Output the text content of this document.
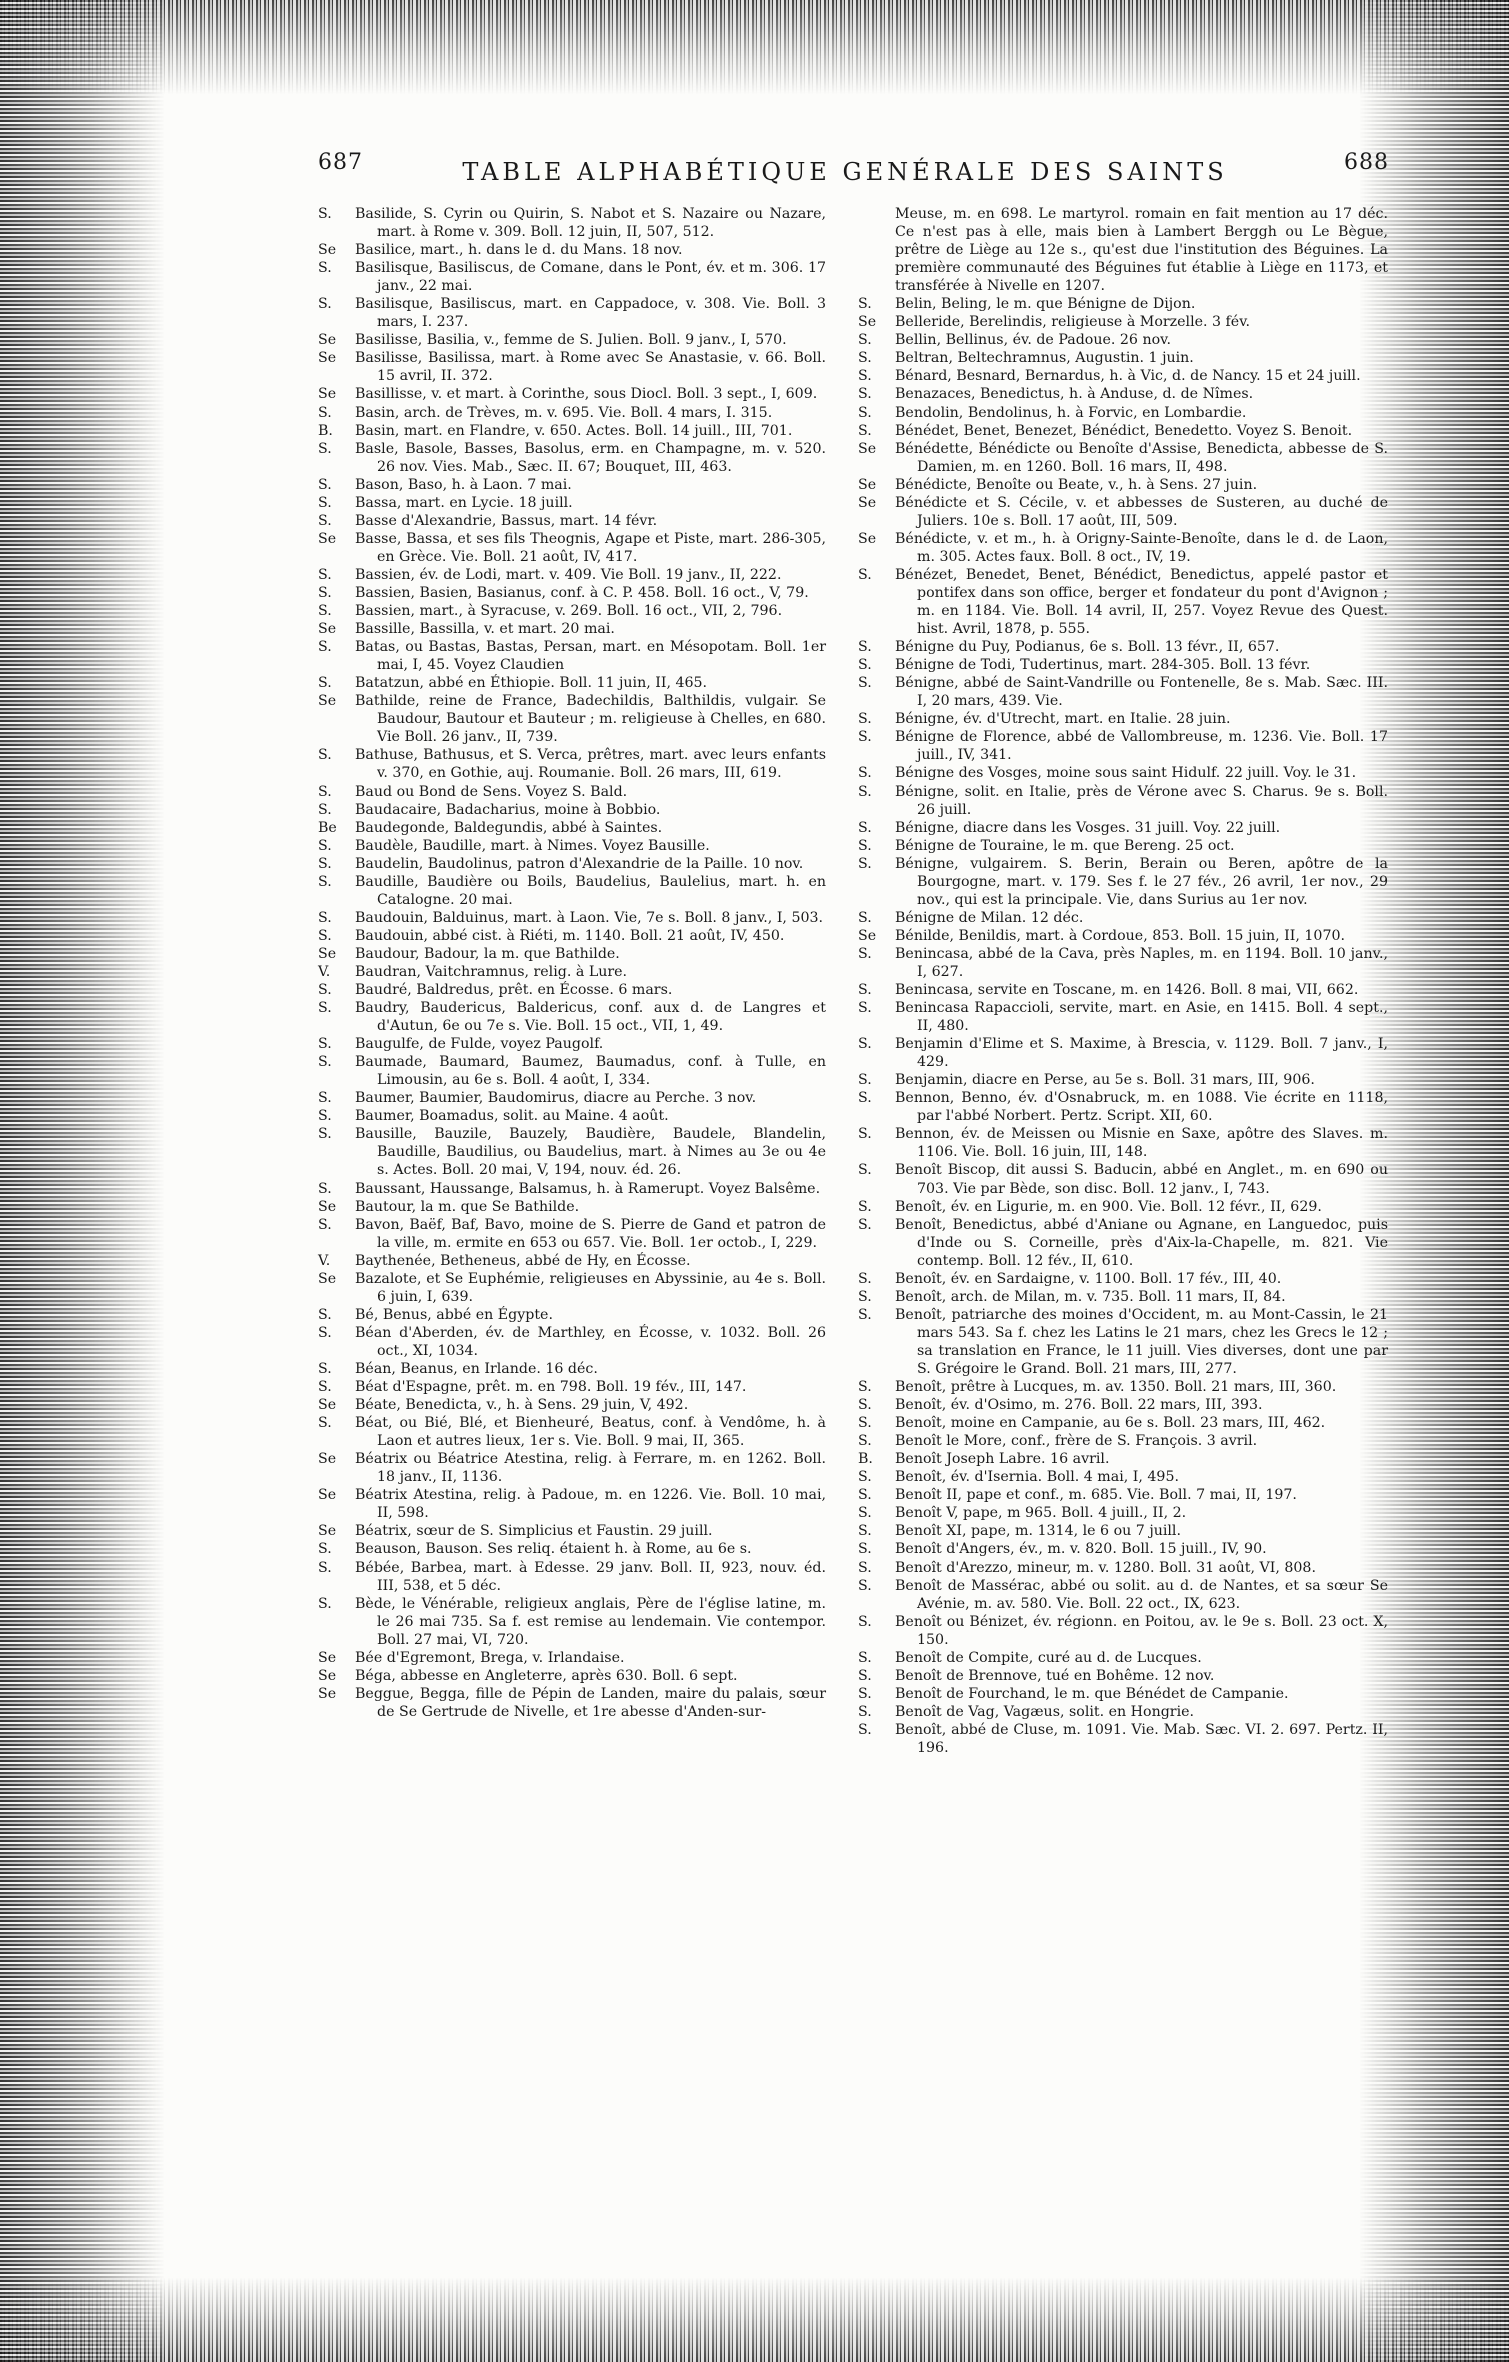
687	TABLE ALPHABÉTIQUE GENÉRALE DES SAINTS	688
S.	Basilide, S. Cyrin ou Quirin, S. Nabot et S. Nazaire ou Nazare, mart. à Rome v. 309. Boll. 12 juin, II, 507, 512.
Se	Basilice, mart., h. dans le d. du Mans. 18 nov.
S.	Basilisque, Basiliscus, de Comane, dans le Pont, év. et m. 306. 17 janv., 22 mai.
S.	Basilisque, Basiliscus, mart. en Cappadoce, v. 308. Vie. Boll. 3 mars, I. 237.
Se	Basilisse, Basilia, v., femme de S. Julien. Boll. 9 janv., I, 570.
Se	Basilisse, Basilissa, mart. à Rome avec Se Anastasie, v. 66. Boll. 15 avril, II. 372.
Se	Basillisse, v. et mart. à Corinthe, sous Diocl. Boll. 3 sept., I, 609.
S.	Basin, arch. de Trèves, m. v. 695. Vie. Boll. 4 mars, I. 315.
B.	Basin, mart. en Flandre, v. 650. Actes. Boll. 14 juill., III, 701.
S.	Basle, Basole, Basses, Basolus, erm. en Champagne, m. v. 520. 26 nov. Vies. Mab., Sæc. II. 67; Bouquet, III, 463.
S.	Bason, Baso, h. à Laon. 7 mai.
S.	Bassa, mart. en Lycie. 18 juill.
S.	Basse d'Alexandrie, Bassus, mart. 14 févr.
Se	Basse, Bassa, et ses fils Theognis, Agape et Piste, mart. 286-305, en Grèce. Vie. Boll. 21 août, IV, 417.
S.	Bassien, év. de Lodi, mart. v. 409. Vie Boll. 19 janv., II, 222.
S.	Bassien, Basien, Basianus, conf. à C. P. 458. Boll. 16 oct., V, 79.
S.	Bassien, mart., à Syracuse, v. 269. Boll. 16 oct., VII, 2, 796.
Se	Bassille, Bassilla, v. et mart. 20 mai.
S.	Batas, ou Bastas, Bastas, Persan, mart. en Mésopotam. Boll. 1er mai, I, 45. Voyez Claudien
S.	Batatzun, abbé en Éthiopie. Boll. 11 juin, II, 465.
Se	Bathilde, reine de France, Badechildis, Balthildis, vulgair. Se Baudour, Bautour et Bauteur ; m. religieuse à Chelles, en 680. Vie Boll. 26 janv., II, 739.
S.	Bathuse, Bathusus, et S. Verca, prêtres, mart. avec leurs enfants v. 370, en Gothie, auj. Roumanie. Boll. 26 mars, III, 619.
S.	Baud ou Bond de Sens. Voyez S. Bald.
S.	Baudacaire, Badacharius, moine à Bobbio.
Be	Baudegonde, Baldegundis, abbé à Saintes.
S.	Baudèle, Baudille, mart. à Nimes. Voyez Bausille.
S.	Baudelin, Baudolinus, patron d'Alexandrie de la Paille. 10 nov.
S.	Baudille, Baudière ou Boils, Baudelius, Baulelius, mart. h. en Catalogne. 20 mai.
S.	Baudouin, Balduinus, mart. à Laon. Vie, 7e s. Boll. 8 janv., I, 503.
S.	Baudouin, abbé cist. à Riéti, m. 1140. Boll. 21 août, IV, 450.
Se	Baudour, Badour, la m. que Bathilde.
V.	Baudran, Vaitchramnus, relig. à Lure.
S.	Baudré, Baldredus, prêt. en Écosse. 6 mars.
S.	Baudry, Baudericus, Baldericus, conf. aux d. de Langres et d'Autun, 6e ou 7e s. Vie. Boll. 15 oct., VII, 1, 49.
S.	Baugulfe, de Fulde, voyez Paugolf.
S.	Baumade, Baumard, Baumez, Baumadus, conf. à Tulle, en Limousin, au 6e s. Boll. 4 août, I, 334.
S.	Baumer, Baumier, Baudomirus, diacre au Perche. 3 nov.
S.	Baumer, Boamadus, solit. au Maine. 4 août.
S.	Bausille, Bauzile, Bauzely, Baudière, Baudele, Blandelin, Baudille, Baudilius, ou Baudelius, mart. à Nimes au 3e ou 4e s. Actes. Boll. 20 mai, V, 194, nouv. éd. 26.
S.	Baussant, Haussange, Balsamus, h. à Ramerupt. Voyez Balsême.
Se	Bautour, la m. que Se Bathilde.
S.	Bavon, Baëf, Baf, Bavo, moine de S. Pierre de Gand et patron de la ville, m. ermite en 653 ou 657. Vie. Boll. 1er octob., I, 229.
V.	Baythenée, Betheneus, abbé de Hy, en Écosse.
Se	Bazalote, et Se Euphémie, religieuses en Abyssinie, au 4e s. Boll. 6 juin, I, 639.
S.	Bé, Benus, abbé en Égypte.
S.	Béan d'Aberden, év. de Marthley, en Écosse, v. 1032. Boll. 26 oct., XI, 1034.
S.	Béan, Beanus, en Irlande. 16 déc.
S.	Béat d'Espagne, prêt. m. en 798. Boll. 19 fév., III, 147.
Se	Béate, Benedicta, v., h. à Sens. 29 juin, V, 492.
S.	Béat, ou Bié, Blé, et Bienheuré, Beatus, conf. à Vendôme, h. à Laon et autres lieux, 1er s. Vie. Boll. 9 mai, II, 365.
Se	Béatrix ou Béatrice Atestina, relig. à Ferrare, m. en 1262. Boll. 18 janv., II, 1136.
Se	Béatrix Atestina, relig. à Padoue, m. en 1226. Vie. Boll. 10 mai, II, 598.
Se	Béatrix, sœur de S. Simplicius et Faustin. 29 juill.
S.	Beauson, Bauson. Ses reliq. étaient h. à Rome, au 6e s.
S.	Bébée, Barbea, mart. à Edesse. 29 janv. Boll. II, 923, nouv. éd. III, 538, et 5 déc.
S.	Bède, le Vénérable, religieux anglais, Père de l'église latine, m. le 26 mai 735. Sa f. est remise au lendemain. Vie contempor. Boll. 27 mai, VI, 720.
Se	Bée d'Egremont, Brega, v. Irlandaise.
Se	Béga, abbesse en Angleterre, après 630. Boll. 6 sept.
Se	Beggue, Begga, fille de Pépin de Landen, maire du palais, sœur de Se Gertrude de Nivelle, et 1re abesse d'Anden-sur-
Meuse, m. en 698. Le martyrol. romain en fait mention au 17 déc. Ce n'est pas à elle, mais bien à Lambert Berggh ou Le Bègue, prêtre de Liège au 12e s., qu'est due l'institution des Béguines. La première communauté des Béguines fut établie à Liège en 1173, et transférée à Nivelle en 1207.
S.	Belin, Beling, le m. que Bénigne de Dijon.
Se	Belleride, Berelindis, religieuse à Morzelle. 3 fév.
S.	Bellin, Bellinus, év. de Padoue. 26 nov.
S.	Beltran, Beltechramnus, Augustin. 1 juin.
S.	Bénard, Besnard, Bernardus, h. à Vic, d. de Nancy. 15 et 24 juill.
S.	Benazaces, Benedictus, h. à Anduse, d. de Nîmes.
S.	Bendolin, Bendolinus, h. à Forvic, en Lombardie.
S.	Bénédet, Benet, Benezet, Bénédict, Benedetto. Voyez S. Benoit.
Se	Bénédette, Bénédicte ou Benoîte d'Assise, Benedicta, abbesse de S. Damien, m. en 1260. Boll. 16 mars, II, 498.
Se	Bénédicte, Benoîte ou Beate, v., h. à Sens. 27 juin.
Se	Bénédicte et S. Cécile, v. et abbesses de Susteren, au duché de Juliers. 10e s. Boll. 17 août, III, 509.
Se	Bénédicte, v. et m., h. à Origny-Sainte-Benoîte, dans le d. de Laon, m. 305. Actes faux. Boll. 8 oct., IV, 19.
S.	Bénézet, Benedet, Benet, Bénédict, Benedictus, appelé pastor et pontifex dans son office, berger et fondateur du pont d'Avignon ; m. en 1184. Vie. Boll. 14 avril, II, 257. Voyez Revue des Quest. hist. Avril, 1878, p. 555.
S.	Bénigne du Puy, Podianus, 6e s. Boll. 13 févr., II, 657.
S.	Bénigne de Todi, Tudertinus, mart. 284-305. Boll. 13 févr.
S.	Bénigne, abbé de Saint-Vandrille ou Fontenelle, 8e s. Mab. Sæc. III. I, 20 mars, 439. Vie.
S.	Bénigne, év. d'Utrecht, mart. en Italie. 28 juin.
S.	Bénigne de Florence, abbé de Vallombreuse, m. 1236. Vie. Boll. 17 juill., IV, 341.
S.	Bénigne des Vosges, moine sous saint Hidulf. 22 juill. Voy. le 31.
S.	Bénigne, solit. en Italie, près de Vérone avec S. Charus. 9e s. Boll. 26 juill.
S.	Bénigne, diacre dans les Vosges. 31 juill. Voy. 22 juill.
S.	Bénigne de Touraine, le m. que Bereng. 25 oct.
S.	Bénigne, vulgairem. S. Berin, Berain ou Beren, apôtre de la Bourgogne, mart. v. 179. Ses f. le 27 fév., 26 avril, 1er nov., 29 nov., qui est la principale. Vie, dans Surius au 1er nov.
S.	Bénigne de Milan. 12 déc.
Se	Bénilde, Benildis, mart. à Cordoue, 853. Boll. 15 juin, II, 1070.
S.	Benincasa, abbé de la Cava, près Naples, m. en 1194. Boll. 10 janv., I, 627.
S.	Benincasa, servite en Toscane, m. en 1426. Boll. 8 mai, VII, 662.
S.	Benincasa Rapaccioli, servite, mart. en Asie, en 1415. Boll. 4 sept., II, 480.
S.	Benjamin d'Elime et S. Maxime, à Brescia, v. 1129. Boll. 7 janv., I, 429.
S.	Benjamin, diacre en Perse, au 5e s. Boll. 31 mars, III, 906.
S.	Bennon, Benno, év. d'Osnabruck, m. en 1088. Vie écrite en 1118, par l'abbé Norbert. Pertz. Script. XII, 60.
S.	Bennon, év. de Meissen ou Misnie en Saxe, apôtre des Slaves. m. 1106. Vie. Boll. 16 juin, III, 148.
S.	Benoît Biscop, dit aussi S. Baducin, abbé en Anglet., m. en 690 ou 703. Vie par Bède, son disc. Boll. 12 janv., I, 743.
S.	Benoît, év. en Ligurie, m. en 900. Vie. Boll. 12 févr., II, 629.
S.	Benoît, Benedictus, abbé d'Aniane ou Agnane, en Languedoc, puis d'Inde ou S. Corneille, près d'Aix-la-Chapelle, m. 821. Vie contemp. Boll. 12 fév., II, 610.
S.	Benoît, év. en Sardaigne, v. 1100. Boll. 17 fév., III, 40.
S.	Benoît, arch. de Milan, m. v. 735. Boll. 11 mars, II, 84.
S.	Benoît, patriarche des moines d'Occident, m. au Mont-Cassin, le 21 mars 543. Sa f. chez les Latins le 21 mars, chez les Grecs le 12 ; sa translation en France, le 11 juill. Vies diverses, dont une par S. Grégoire le Grand. Boll. 21 mars, III, 277.
S.	Benoît, prêtre à Lucques, m. av. 1350. Boll. 21 mars, III, 360.
S.	Benoît, év. d'Osimo, m. 276. Boll. 22 mars, III, 393.
S.	Benoît, moine en Campanie, au 6e s. Boll. 23 mars, III, 462.
S.	Benoît le More, conf., frère de S. François. 3 avril.
B.	Benoît Joseph Labre. 16 avril.
S.	Benoît, év. d'Isernia. Boll. 4 mai, I, 495.
S.	Benoît II, pape et conf., m. 685. Vie. Boll. 7 mai, II, 197.
S.	Benoît V, pape, m 965. Boll. 4 juill., II, 2.
S.	Benoît XI, pape, m. 1314, le 6 ou 7 juill.
S.	Benoît d'Angers, év., m. v. 820. Boll. 15 juill., IV, 90.
S.	Benoît d'Arezzo, mineur, m. v. 1280. Boll. 31 août, VI, 808.
S.	Benoît de Massérac, abbé ou solit. au d. de Nantes, et sa sœur Se Avénie, m. av. 580. Vie. Boll. 22 oct., IX, 623.
S.	Benoît ou Bénizet, év. régionn. en Poitou, av. le 9e s. Boll. 23 oct. X, 150.
S.	Benoît de Compite, curé au d. de Lucques.
S.	Benoît de Brennove, tué en Bohême. 12 nov.
S.	Benoît de Fourchand, le m. que Bénédet de Campanie.
S.	Benoît de Vag, Vagæus, solit. en Hongrie.
S.	Benoît, abbé de Cluse, m. 1091. Vie. Mab. Sæc. VI. 2. 697. Pertz. II, 196.
